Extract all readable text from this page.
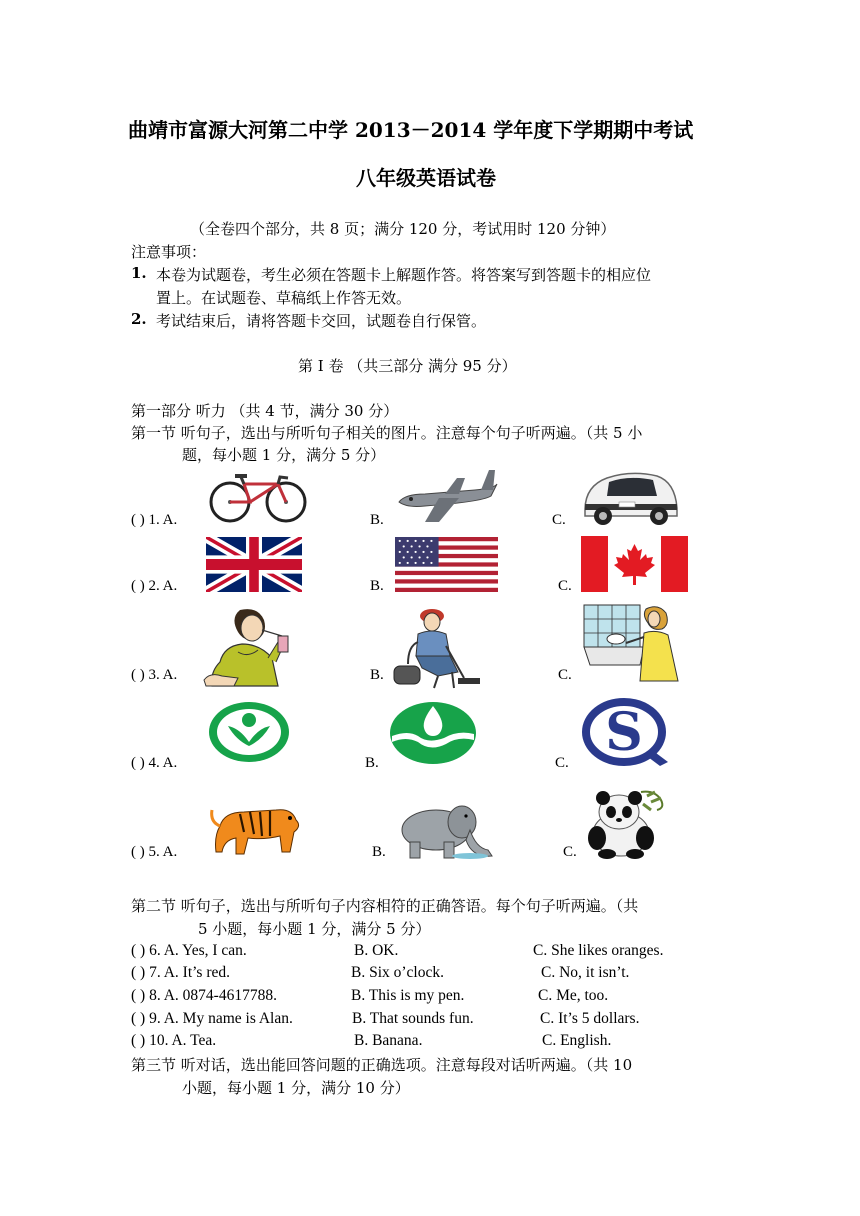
曲靖市富源大河第二中学 2013－2014 学年度下学期期中考试
八年级英语试卷
（全卷四个部分，共 8 页；满分 120 分，考试用时 120 分钟）
注意事项：
1. 本卷为试题卷，考生必须在答题卡上解题作答。将答案写到答题卡的相应位
置上。在试题卷、草稿纸上作答无效。
2. 考试结束后，请将答题卡交回，试题卷自行保管。
第 I 卷 （共三部分 满分 95 分）
第一部分 听力 （共 4 节，满分 30 分）
第一节 听句子，选出与所听句子相关的图片。注意每个句子听两遍。（共 5 小
题，每小题 1 分，满分 5 分）
( ) 1. A.	B.	C.
( ) 2. A.	B.	C.
( ) 3. A.	B.	C.
( ) 4. A.	B.	C.
( ) 5. A.	B.	C.
S
第二节 听句子，选出与所听句子内容相符的正确答语。每个句子听两遍。（共
5 小题，每小题 1 分，满分 5 分）
( ) 6. A. Yes, I can.	B. OK.	C. She likes oranges.
( ) 7. A. It’s red.	B. Six o’clock.	C. No, it isn’t.
( ) 8. A. 0874-4617788.	B. This is my pen.	C. Me, too.
( ) 9. A. My name is Alan.	B. That sounds fun.	C. It’s 5 dollars.
( ) 10. A. Tea.	B. Banana.	C. English.
第三节 听对话，选出能回答问题的正确选项。注意每段对话听两遍。（共 10
小题，每小题 1 分，满分 10 分）
